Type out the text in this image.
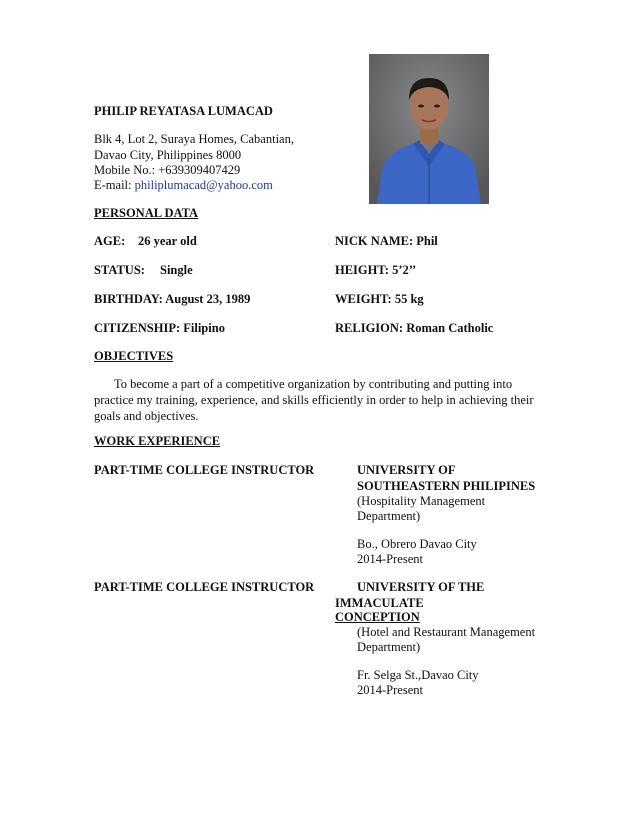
PHILIP REYATASA LUMACAD
Blk 4, Lot 2, Suraya Homes, Cabantian,
Davao City, Philippines 8000
Mobile No.: +639309407429
E-mail: philiplumacad@yahoo.com
PERSONAL DATA
AGE: 26 year old	NICK NAME: Phil
STATUS: Single	HEIGHT: 5’2’’
BIRTHDAY: August 23, 1989	WEIGHT: 55 kg
CITIZENSHIP: Filipino	RELIGION: Roman Catholic
OBJECTIVES
To become a part of a competitive organization by contributing and putting into practice my training, experience, and skills efficiently in order to help in achieving their goals and objectives.
WORK EXPERIENCE
PART-TIME COLLEGE INSTRUCTOR	UNIVERSITY OF
SOUTHEASTERN PHILIPINES
(Hospitality Management
Department)
Bo., Obrero Davao City
2014-Present
PART-TIME COLLEGE INSTRUCTOR	UNIVERSITY OF THE
IMMACULATE
CONCEPTION
(Hotel and Restaurant Management
Department)
Fr. Selga St.,Davao City
2014-Present
